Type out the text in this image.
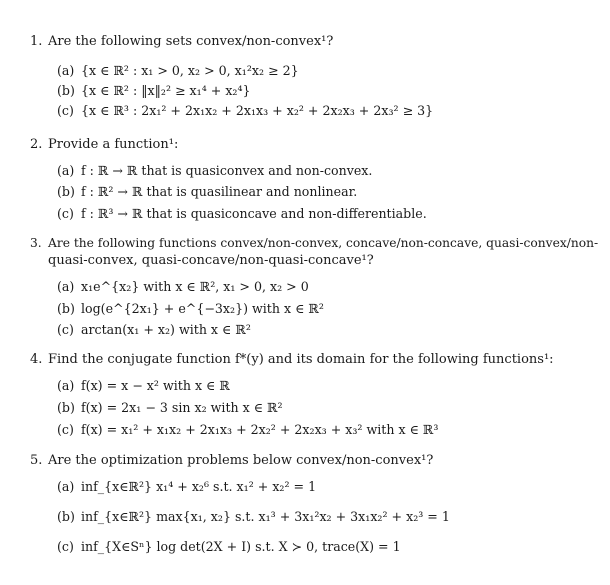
1. Are the following sets convex/non-convex¹?
(a) {x ∈ ℝ² : x₁ > 0, x₂ > 0, x₁²x₂ ≥ 2}
(b) {x ∈ ℝ² : ‖x‖₂² ≥ x₁⁴ + x₂⁴}
(c) {x ∈ ℝ³ : 2x₁² + 2x₁x₂ + 2x₁x₃ + x₂² + 2x₂x₃ + 2x₃² ≥ 3}
2. Provide a function¹:
(a) f : ℝ → ℝ that is quasiconvex and non-convex.
(b) f : ℝ² → ℝ that is quasilinear and nonlinear.
(c) f : ℝ³ → ℝ that is quasiconcave and non-differentiable.
3. Are the following functions convex/non-convex, concave/non-concave, quasi-convex/non-
quasi-convex, quasi-concave/non-quasi-concave¹?
(a) x₁e^{x₂} with x ∈ ℝ², x₁ > 0, x₂ > 0
(b) log(e^{2x₁} + e^{−3x₂}) with x ∈ ℝ²
(c) arctan(x₁ + x₂) with x ∈ ℝ²
4. Find the conjugate function f*(y) and its domain for the following functions¹:
(a) f(x) = x − x² with x ∈ ℝ
(b) f(x) = 2x₁ − 3 sin x₂ with x ∈ ℝ²
(c) f(x) = x₁² + x₁x₂ + 2x₁x₃ + 2x₂² + 2x₂x₃ + x₃² with x ∈ ℝ³
5. Are the optimization problems below convex/non-convex¹?
(a) inf_{x∈ℝ²} x₁⁴ + x₂⁶ s.t. x₁² + x₂² = 1
(b) inf_{x∈ℝ²} max{x₁, x₂} s.t. x₁³ + 3x₁²x₂ + 3x₁x₂² + x₂³ = 1
(c) inf_{X∈Sⁿ} log det(2X + I) s.t. X ≻ 0, trace(X) = 1
